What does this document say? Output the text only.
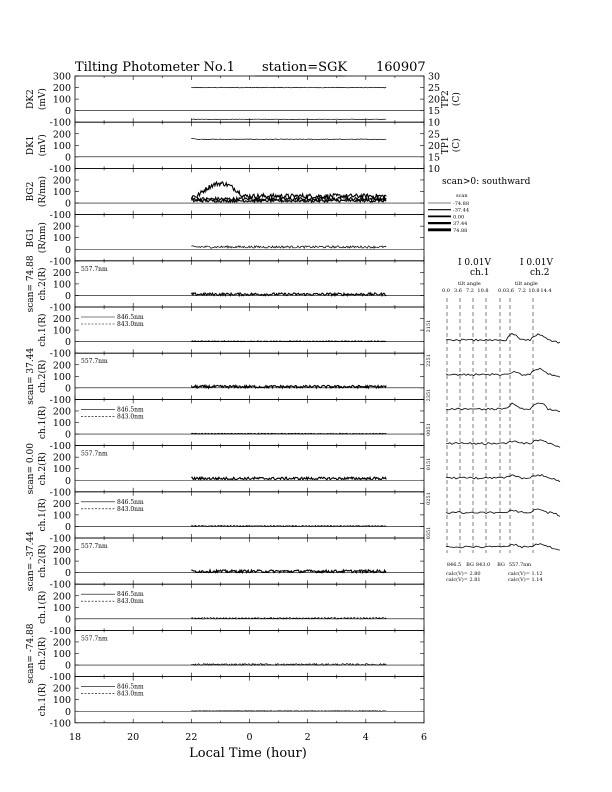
Tilting Photometer No.1 station=SGK 160907
-100
0
100
200
300
DK2 (mV)
10
15
20
25
30
TP2 (C)
-100
0
100
200
DK1 (mV)
10
15
20
25
TP1 (C)
-100
0
100
200
BG2 (R/nm)
-100
0
100
200
BG1 (R/nm)
-100
0
100
200
scan= 74.88 ch.2(R)	557.7nm
-100
0
100
200
ch.1(R)	846.5nm
843.0nm
-100
0
100
200
scan= 37.44 ch.2(R)	557.7nm
-100
0
100
200
ch.1(R)	846.5nm
843.0nm
-100
0
100
200
scan= 0.00 ch.2(R)	557.7nm
-100
0
100
200
ch.1(R)	846.5nm
843.0nm
-100
0
100
200
scan= -37.44 ch.2(R)	557.7nm
-100
0
100
200
ch.1(R)	846.5nm
843.0nm
-100
0
100
200
scan= -74.88 ch.2(R)	557.7nm
-100
0
100
200
ch.1(R)	846.5nm
843.0nm
18	20	22	0	2	4	6
Local Time (hour)
scan>0: southward
scan
-74.88
-37.44
0.00
37.44
74.88
I 0.01V
ch.1
tilt angle
I 0.01V
ch.2
tilt angle
0.0 3.6 7.2 10.8 0.0 3.6 7.2 10.8 14.4
2151
2251
2351
0051
0151
0251
0351
846.5 BG 843.0 BG 557.7nm
calc(V)= 2.80
calc(V)= 2.81
calc(V)= 1.12
calc(V)= 1.14
